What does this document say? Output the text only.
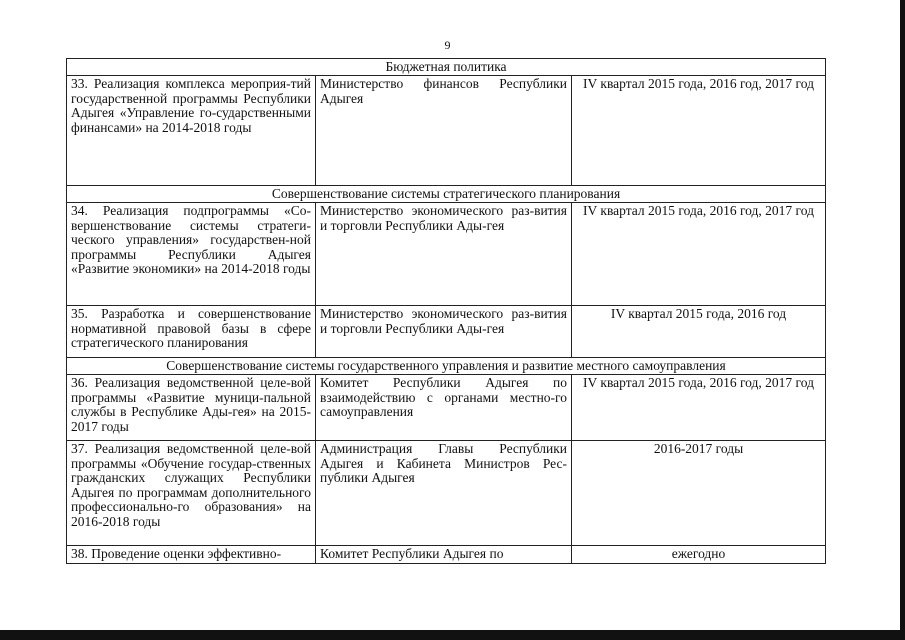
9
Бюджетная политика		
33. Реализация комплекса мероприя-тий государственной программы Республики Адыгея «Управление го-сударственными финансами» на 2014-2018 годы	Министерство финансов Республики Адыгея	IV квартал 2015 года, 2016 год, 2017 год
Совершенствование системы стратегического планирования		
34. Реализация подпрограммы «Со-вершенствование системы стратеги-ческого управления» государствен-ной программы Республики Адыгея «Развитие экономики» на 2014-2018 годы	Министерство экономического раз-вития и торговли Республики Ады-гея	IV квартал 2015 года, 2016 год, 2017 год
35. Разработка и совершенствование нормативной правовой базы в сфере стратегического планирования	Министерство экономического раз-вития и торговли Республики Ады-гея	IV квартал 2015 года, 2016 год
Совершенствование системы государственного управления и развитие местного самоуправления		
36. Реализация ведомственной целе-вой программы «Развитие муници-пальной службы в Республике Ады-гея» на 2015-2017 годы	Комитет Республики Адыгея по взаимодействию с органами местно-го самоуправления	IV квартал 2015 года, 2016 год, 2017 год
37. Реализация ведомственной целе-вой программы «Обучение государ-ственных гражданских служащих Республики Адыгея по программам дополнительного профессионально-го образования» на 2016-2018 годы	Администрация Главы Республики Адыгея и Кабинета Министров Рес-публики Адыгея	2016-2017 годы
38. Проведение оценки эффективно-	Комитет Республики Адыгея по	ежегодно
